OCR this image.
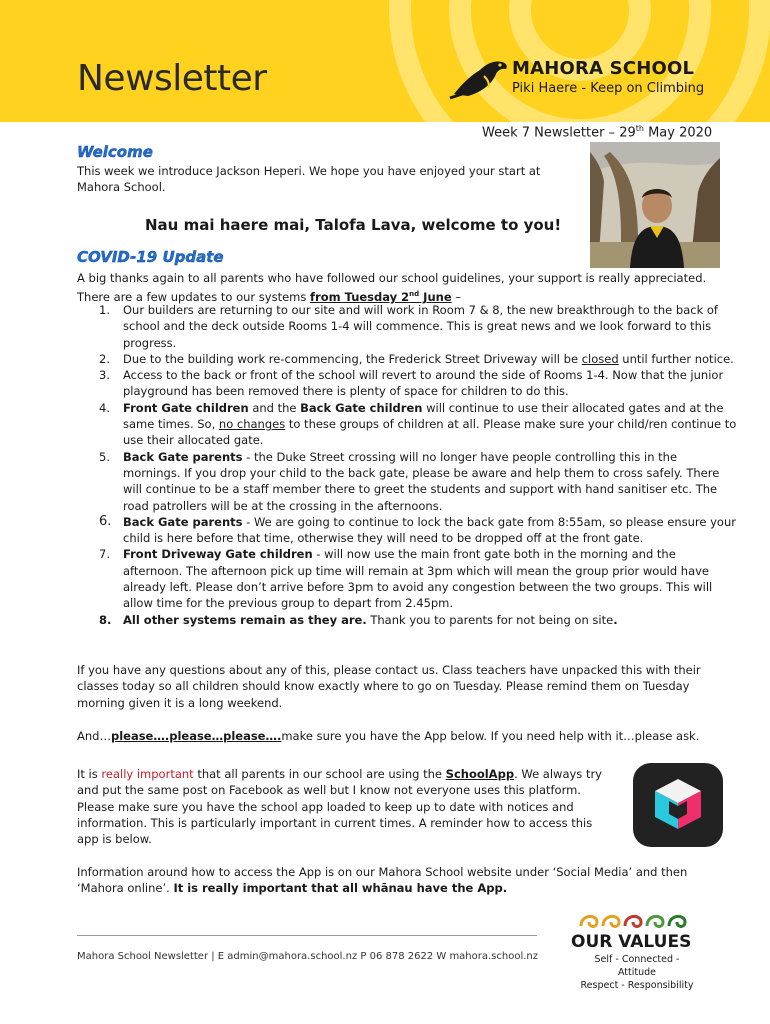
Newsletter	MAHORA SCHOOL
Piki Haere - Keep on Climbing
Week 7 Newsletter – 29th May 2020
Welcome
This week we introduce Jackson Heperi. We hope you have enjoyed your start at Mahora School.
Nau mai haere mai, Talofa Lava, welcome to you!
COVID-19 Update
A big thanks again to all parents who have followed our school guidelines, your support is really appreciated. There are a few updates to our systems from Tuesday 2nd June –
1. Our builders are returning to our site and will work in Room 7 & 8, the new breakthrough to the back of school and the deck outside Rooms 1-4 will commence. This is great news and we look forward to this progress.
2. Due to the building work re-commencing, the Frederick Street Driveway will be closed until further notice.
3. Access to the back or front of the school will revert to around the side of Rooms 1-4. Now that the junior playground has been removed there is plenty of space for children to do this.
4. Front Gate children and the Back Gate children will continue to use their allocated gates and at the same times. So, no changes to these groups of children at all. Please make sure your child/ren continue to use their allocated gate.
5. Back Gate parents - the Duke Street crossing will no longer have people controlling this in the mornings. If you drop your child to the back gate, please be aware and help them to cross safely. There will continue to be a staff member there to greet the students and support with hand sanitiser etc. The road patrollers will be at the crossing in the afternoons.
6. Back Gate parents - We are going to continue to lock the back gate from 8:55am, so please ensure your child is here before that time, otherwise they will need to be dropped off at the front gate.
7. Front Driveway Gate children - will now use the main front gate both in the morning and the afternoon. The afternoon pick up time will remain at 3pm which will mean the group prior would have already left. Please don’t arrive before 3pm to avoid any congestion between the two groups. This will allow time for the previous group to depart from 2.45pm.
8. All other systems remain as they are. Thank you to parents for not being on site.
If you have any questions about any of this, please contact us. Class teachers have unpacked this with their classes today so all children should know exactly where to go on Tuesday. Please remind them on Tuesday morning given it is a long weekend.
And…please….please…please….make sure you have the App below. If you need help with it…please ask.
It is really important that all parents in our school are using the SchoolApp. We always try and put the same post on Facebook as well but I know not everyone uses this platform. Please make sure you have the school app loaded to keep up to date with notices and information. This is particularly important in current times. A reminder how to access this app is below.
Information around how to access the App is on our Mahora School website under ‘Social Media’ and then ‘Mahora online’. It is really important that all whānau have the App.
Mahora School Newsletter | E admin@mahora.school.nz P 06 878 2622 W mahora.school.nz
OUR VALUES
Self - Connected - Attitude
Respect - Responsibility
